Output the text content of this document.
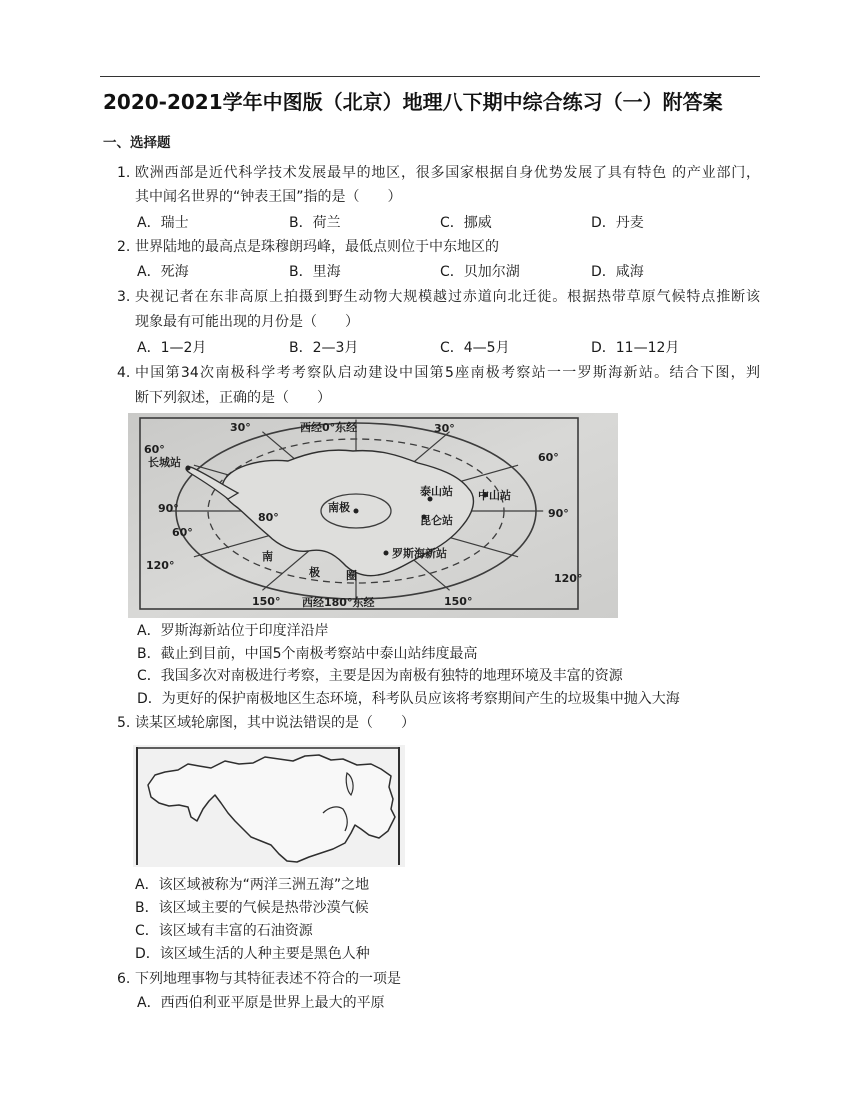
2020-2021学年中图版（北京）地理八下期中综合练习（一）附答案
一、选择题
1. 欧洲西部是近代科学技术发展最早的地区，很多国家根据自身优势发展了具有特色 的产业部门，
其中闻名世界的“钟表王国”指的是（　　）
A．瑞士	B．荷兰	C．挪威	D．丹麦
2. 世界陆地的最高点是珠穆朗玛峰，最低点则位于中东地区的
A．死海	B．里海	C．贝加尔湖	D．咸海
3. 央视记者在东非高原上拍摄到野生动物大规模越过赤道向北迁徙。根据热带草原气候特点推断该
现象最有可能出现的月份是（　　）
A．1—2月	B．2—3月	C．4—5月	D．11—12月
4. 中国第34次南极科学考考察队启动建设中国第5座南极考察站一一罗斯海新站。结合下图，判
断下列叙述，正确的是（　　）
30°	西经0°东经	30°
60°
60°
长城站
90°
80°
南极
泰山站 中山站
昆仑站
90°
60°
120°
南
极 圈
罗斯海新站
120°
150° 西经180°东经	150°
A．罗斯海新站位于印度洋沿岸
B．截止到目前，中国5个南极考察站中泰山站纬度最高
C．我国多次对南极进行考察，主要是因为南极有独特的地理环境及丰富的资源
D．为更好的保护南极地区生态环境，科考队员应该将考察期间产生的垃圾集中抛入大海
5. 读某区域轮廓图，其中说法错误的是（　　）
A．该区域被称为“两洋三洲五海”之地
B．该区域主要的气候是热带沙漠气候
C．该区域有丰富的石油资源
D．该区域生活的人种主要是黑色人种
6. 下列地理事物与其特征表述不符合的一项是
A．西西伯利亚平原是世界上最大的平原
